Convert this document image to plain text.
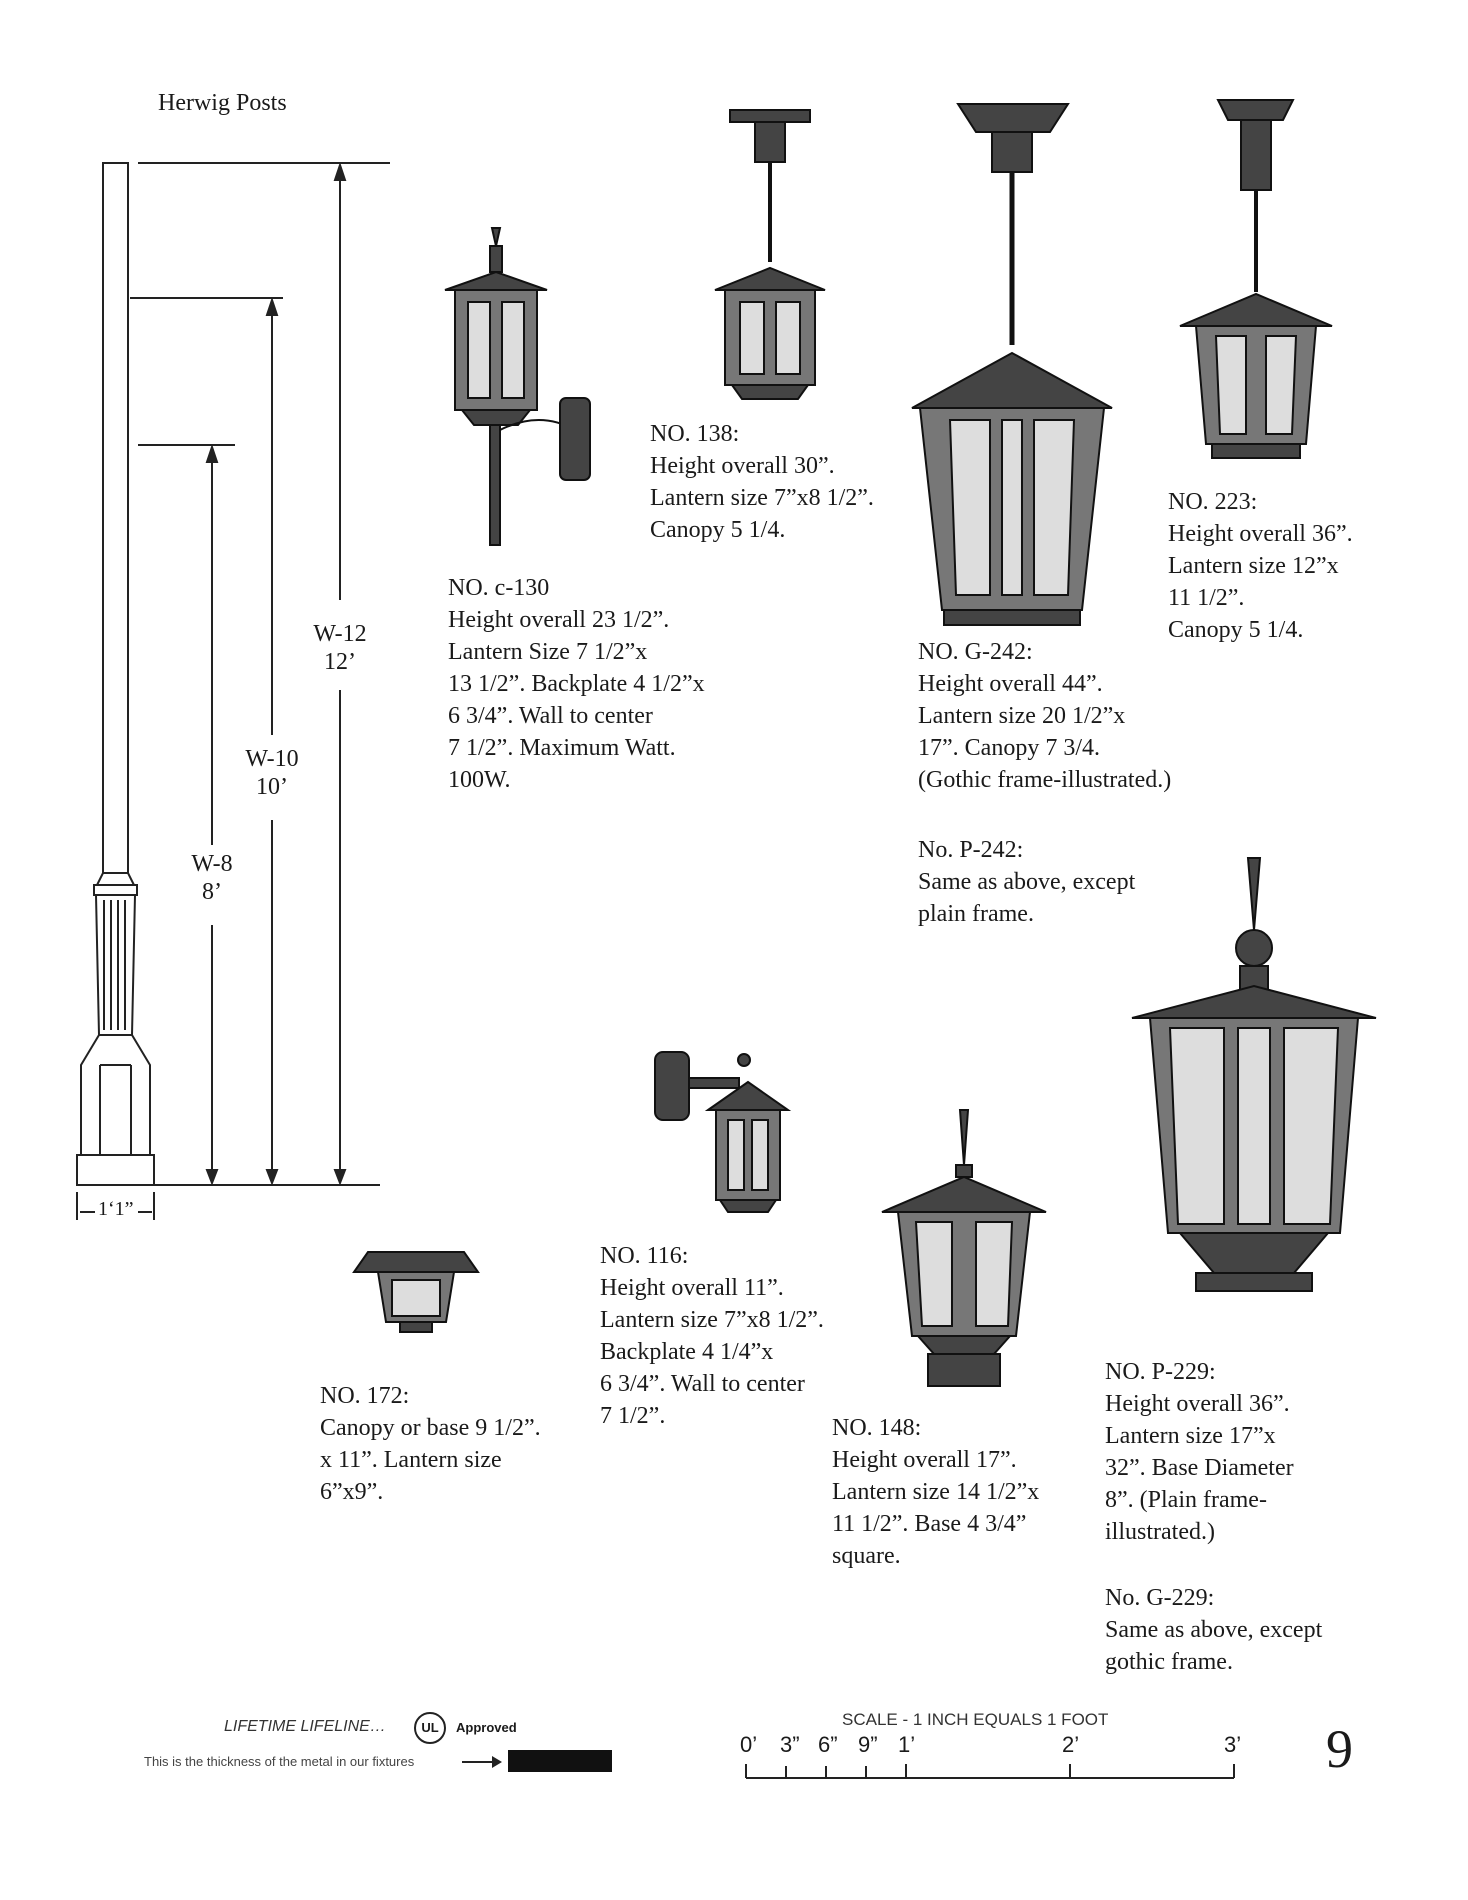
Herwig Posts
W-12
12’
W-10
10’
W-8
8’
1‘1”
NO. c-130
Height overall 23 1/2”.
Lantern Size 7 1/2”x
13 1/2”. Backplate 4 1/2”x
6 3/4”. Wall to center
7 1/2”. Maximum Watt.
100W.
NO. 138:
Height overall 30”.
Lantern size 7”x8 1/2”.
Canopy 5 1/4.
NO. 223:
Height overall 36”.
Lantern size 12”x
11 1/2”.
Canopy 5 1/4.
NO. G-242:
Height overall 44”.
Lantern size 20 1/2”x
17”. Canopy 7 3/4.
(Gothic frame-illustrated.)
No. P-242:
Same as above, except
plain frame.
NO. 116:
Height overall 11”.
Lantern size 7”x8 1/2”.
Backplate 4 1/4”x
6 3/4”. Wall to center
7 1/2”.
NO. 172:
Canopy or base 9 1/2”.
x 11”. Lantern size
6”x9”.
NO. 148:
Height overall 17”.
Lantern size 14 1/2”x
11 1/2”. Base 4 3/4”
square.
NO. P-229:
Height overall 36”.
Lantern size 17”x
32”. Base Diameter
8”. (Plain frame-
illustrated.)
No. G-229:
Same as above, except
gothic frame.
LIFETIME LIFELINE…	UL	Approved
This is the thickness of the metal in our fixtures
SCALE - 1 INCH EQUALS 1 FOOT
0’ 3” 6” 9” 1’	2’	3’ 9
